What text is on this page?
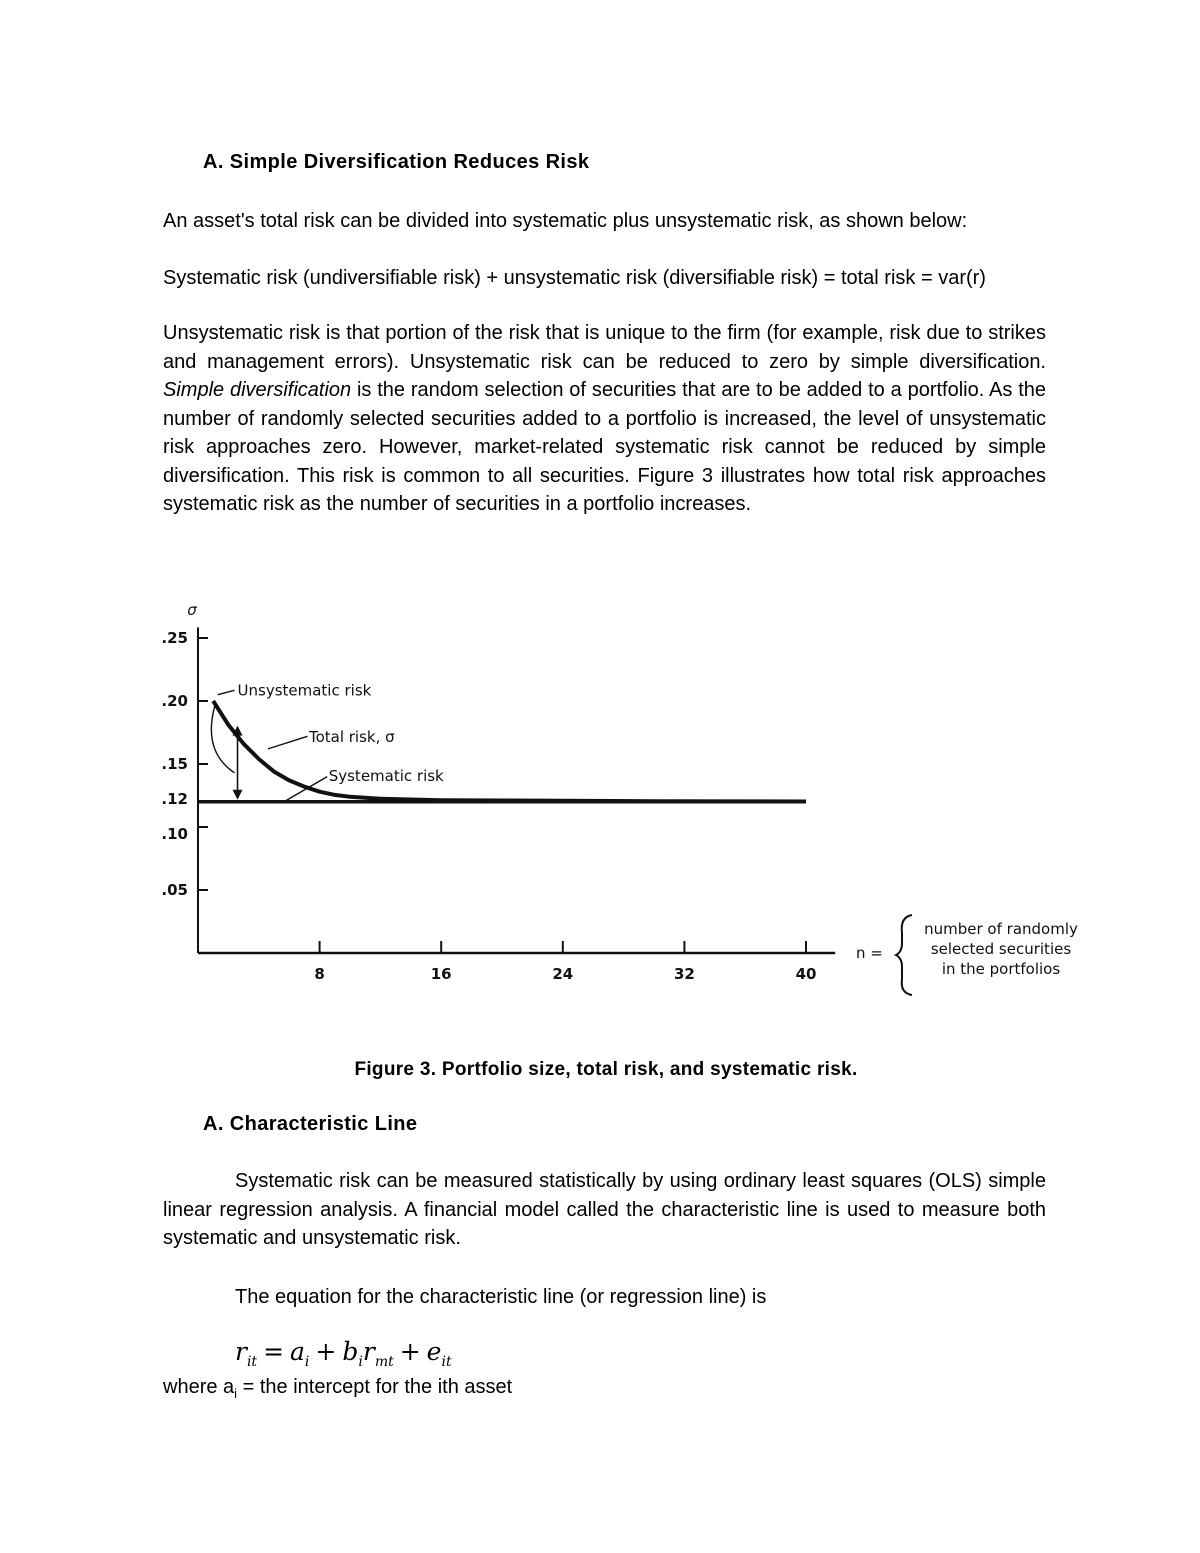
A. Simple Diversification Reduces Risk
An asset's total risk can be divided into systematic plus unsystematic risk, as shown below:
Systematic risk (undiversifiable risk) + unsystematic risk (diversifiable risk) = total risk = var(r)
Unsystematic risk is that portion of the risk that is unique to the firm (for example, risk due to strikes and management errors). Unsystematic risk can be reduced to zero by simple diversification. Simple diversification is the random selection of securities that are to be added to a portfolio. As the number of randomly selected securities added to a portfolio is increased, the level of unsystematic risk approaches zero. However, market-related systematic risk cannot be reduced by simple diversification. This risk is common to all securities. Figure 3 illustrates how total risk approaches systematic risk as the number of securities in a portfolio increases.
σ
.05
.10
.12
.15
.20
.25
8	16	24	32	40
Unsystematic risk
Total risk, σ
Systematic risk
n =
number of randomly
selected securities
in the portfolios
Figure 3. Portfolio size, total risk, and systematic risk.
A. Characteristic Line
Systematic risk can be measured statistically by using ordinary least squares (OLS) simple linear regression analysis. A financial model called the characteristic line is used to measure both systematic and unsystematic risk.
The equation for the characteristic line (or regression line) is
$r_{it} = a_i + b_ir_{mt} + e_{it}$
where $a_i$ = the intercept for the ith asset
